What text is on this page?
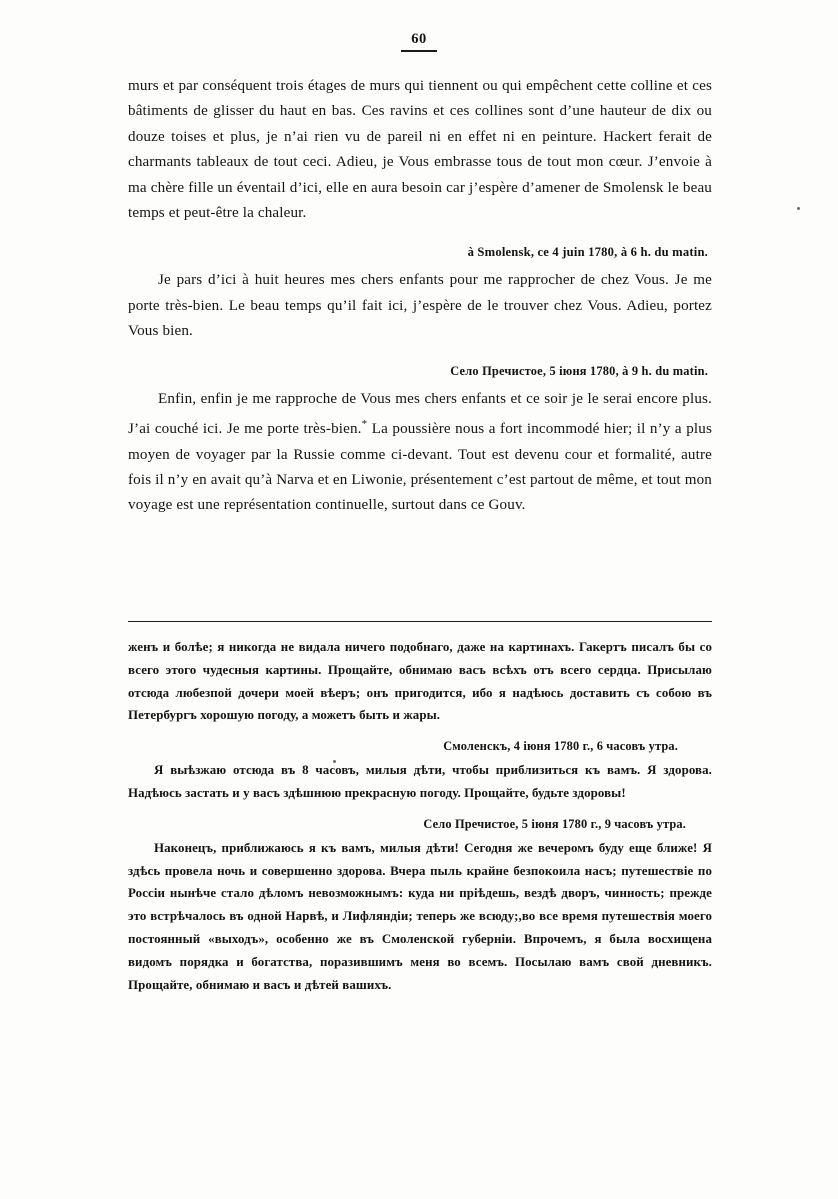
60

murs et par conséquent trois étages de murs qui tiennent ou qui empêchent cette colline et ces bâtiments de glisser du haut en bas. Ces ravins et ces collines sont d’une hauteur de dix ou douze toises et plus, je n’ai rien vu de pareil ni en effet ni en peinture. Hackert ferait de charmants tableaux de tout ceci. Adieu, je Vous embrasse tous de tout mon cœur. J’envoie à ma chère fille un éventail d’ici, elle en aura besoin car j’espère d’amener de Smolensk le beau temps et peut-être la chaleur.

à Smolensk, ce 4 juin 1780, à 6 h. du matin.

Je pars d’ici à huit heures mes chers enfants pour me rapprocher de chez Vous. Je me porte très-bien. Le beau temps qu’il fait ici, j’espère de le trouver chez Vous. Adieu, portez Vous bien.

Село Пречистое, 5 іюня 1780, à 9 h. du matin.

Enfin, enfin je me rapproche de Vous mes chers enfants et ce soir je le serai encore plus. J’ai couché ici. Je me porte très-bien.* La poussière nous a fort incommodé hier; il n’y a plus moyen de voyager par la Russie comme ci-devant. Tout est devenu cour et formalité, autre fois il n’y en avait qu’à Narva et en Liwonie, présentement c’est partout de même, et tout mon voyage est une représentation continuelle, surtout dans ce Gouv.

женъ и болѣе; я никогда не видала ничего подобнаго, даже на картинахъ. Гакертъ писалъ бы со всего этого чудесныя картины. Прощайте, обнимаю васъ всѣхъ отъ всего сердца. Присылаю отсюда любезпой дочери моей вѣеръ; онъ пригодится, ибо я надѣюсь доставить съ собою въ Петербургъ хорошую погоду, а можетъ быть и жары.

Смоленскъ, 4 іюня 1780 г., 6 часовъ утра.

Я выѣзжаю отсюда въ 8 часовъ, милыя дѣти, чтобы приблизиться къ вамъ. Я здорова. Надѣюсь застать и у васъ здѣшнюю прекрасную погоду. Прощайте, будьте здоровы!

Село Пречистое, 5 іюня 1780 г., 9 часовъ утра.

Наконецъ, приближаюсь я къ вамъ, милыя дѣти! Сегодня же вечеромъ буду еще ближе! Я здѣсь провела ночь и совершенно здорова. Вчера пыль крайне безпокоила насъ; путешествіе по Россіи нынѣче стало дѣломъ невозможнымъ: куда ни пріѣдешь, вездѣ дворъ, чинность; прежде это встрѣчалось въ одной Нарвѣ, и Лифляндіи; теперь же всюду;,во все время путешествія моего постоянный «выходъ», особенно же въ Смоленской губерніи. Впрочемъ, я была восхищена видомъ порядка и богатства, поразившимъ меня во всемъ. Посылаю вамъ свой дневникъ. Прощайте, обнимаю и васъ и дѣтей вашихъ.
